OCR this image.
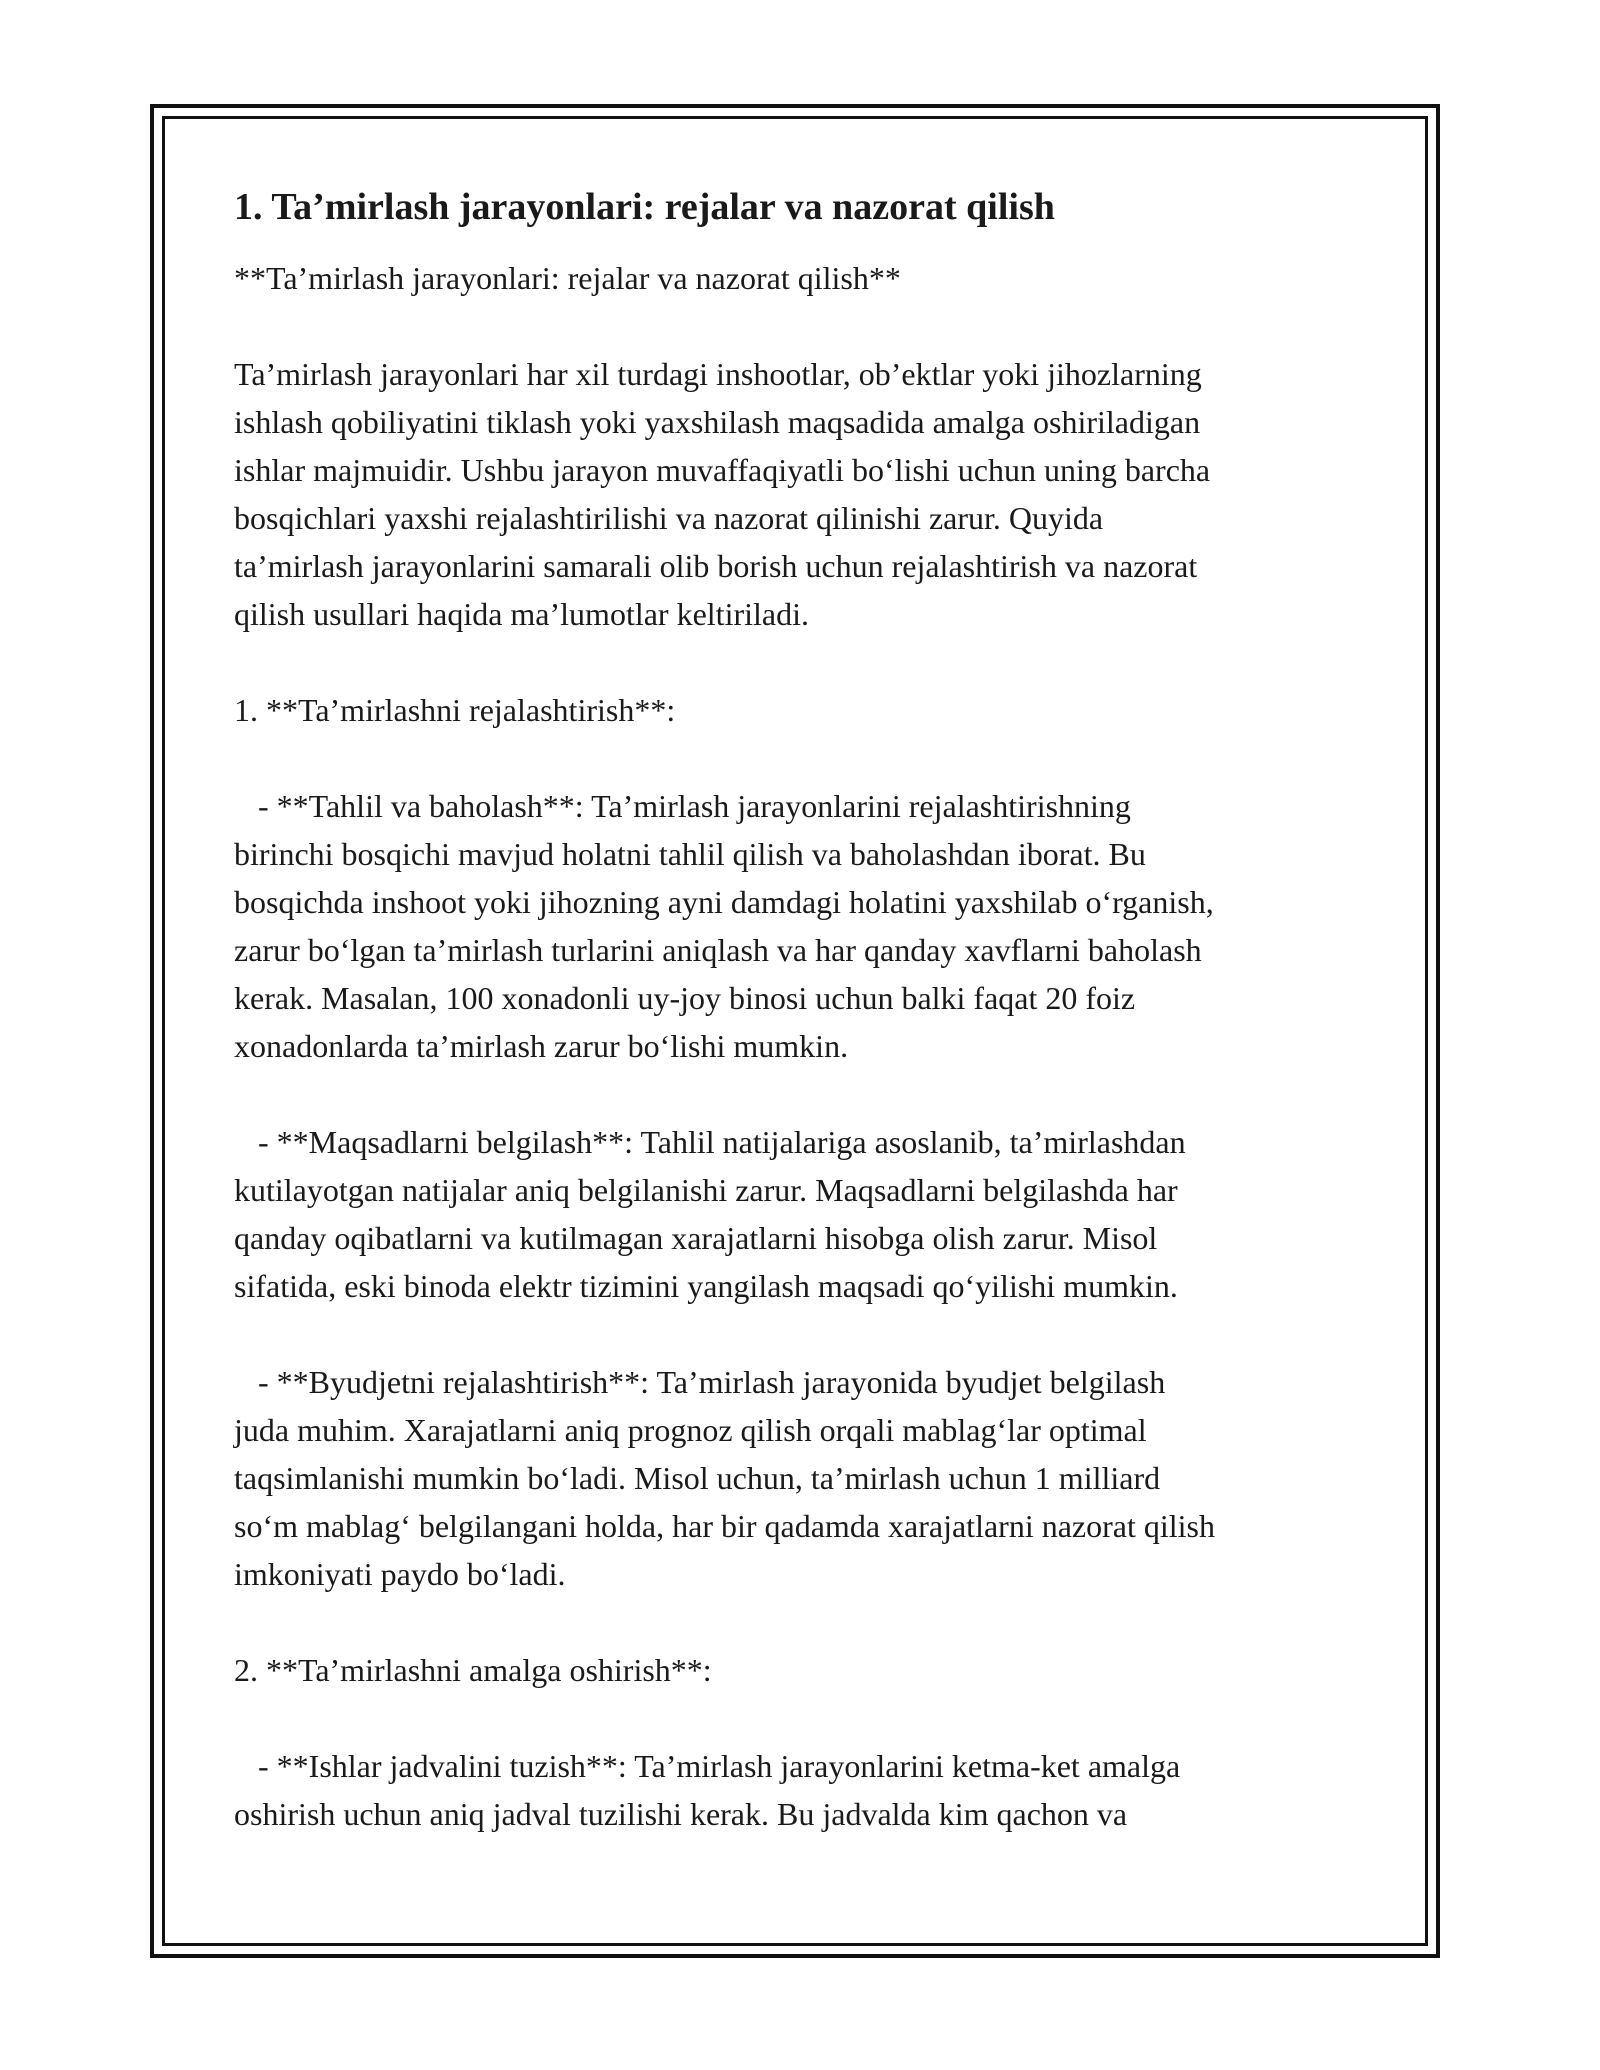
1. Ta’mirlash jarayonlari: rejalar va nazorat qilish

**Ta’mirlash jarayonlari: rejalar va nazorat qilish**

Ta’mirlash jarayonlari har xil turdagi inshootlar, ob’ektlar yoki jihozlarning
ishlash qobiliyatini tiklash yoki yaxshilash maqsadida amalga oshiriladigan
ishlar majmuidir. Ushbu jarayon muvaffaqiyatli bo‘lishi uchun uning barcha
bosqichlari yaxshi rejalashtirilishi va nazorat qilinishi zarur. Quyida
ta’mirlash jarayonlarini samarali olib borish uchun rejalashtirish va nazorat
qilish usullari haqida ma’lumotlar keltiriladi.

1. **Ta’mirlashni rejalashtirish**:

- **Tahlil va baholash**: Ta’mirlash jarayonlarini rejalashtirishning
birinchi bosqichi mavjud holatni tahlil qilish va baholashdan iborat. Bu
bosqichda inshoot yoki jihozning ayni damdagi holatini yaxshilab o‘rganish,
zarur bo‘lgan ta’mirlash turlarini aniqlash va har qanday xavflarni baholash
kerak. Masalan, 100 xonadonli uy-joy binosi uchun balki faqat 20 foiz
xonadonlarda ta’mirlash zarur bo‘lishi mumkin.

- **Maqsadlarni belgilash**: Tahlil natijalariga asoslanib, ta’mirlashdan
kutilayotgan natijalar aniq belgilanishi zarur. Maqsadlarni belgilashda har
qanday oqibatlarni va kutilmagan xarajatlarni hisobga olish zarur. Misol
sifatida, eski binoda elektr tizimini yangilash maqsadi qo‘yilishi mumkin.

- **Byudjetni rejalashtirish**: Ta’mirlash jarayonida byudjet belgilash
juda muhim. Xarajatlarni aniq prognoz qilish orqali mablag‘lar optimal
taqsimlanishi mumkin bo‘ladi. Misol uchun, ta’mirlash uchun 1 milliard
so‘m mablag‘ belgilangani holda, har bir qadamda xarajatlarni nazorat qilish
imkoniyati paydo bo‘ladi.

2. **Ta’mirlashni amalga oshirish**:

- **Ishlar jadvalini tuzish**: Ta’mirlash jarayonlarini ketma-ket amalga
oshirish uchun aniq jadval tuzilishi kerak. Bu jadvalda kim qachon va
